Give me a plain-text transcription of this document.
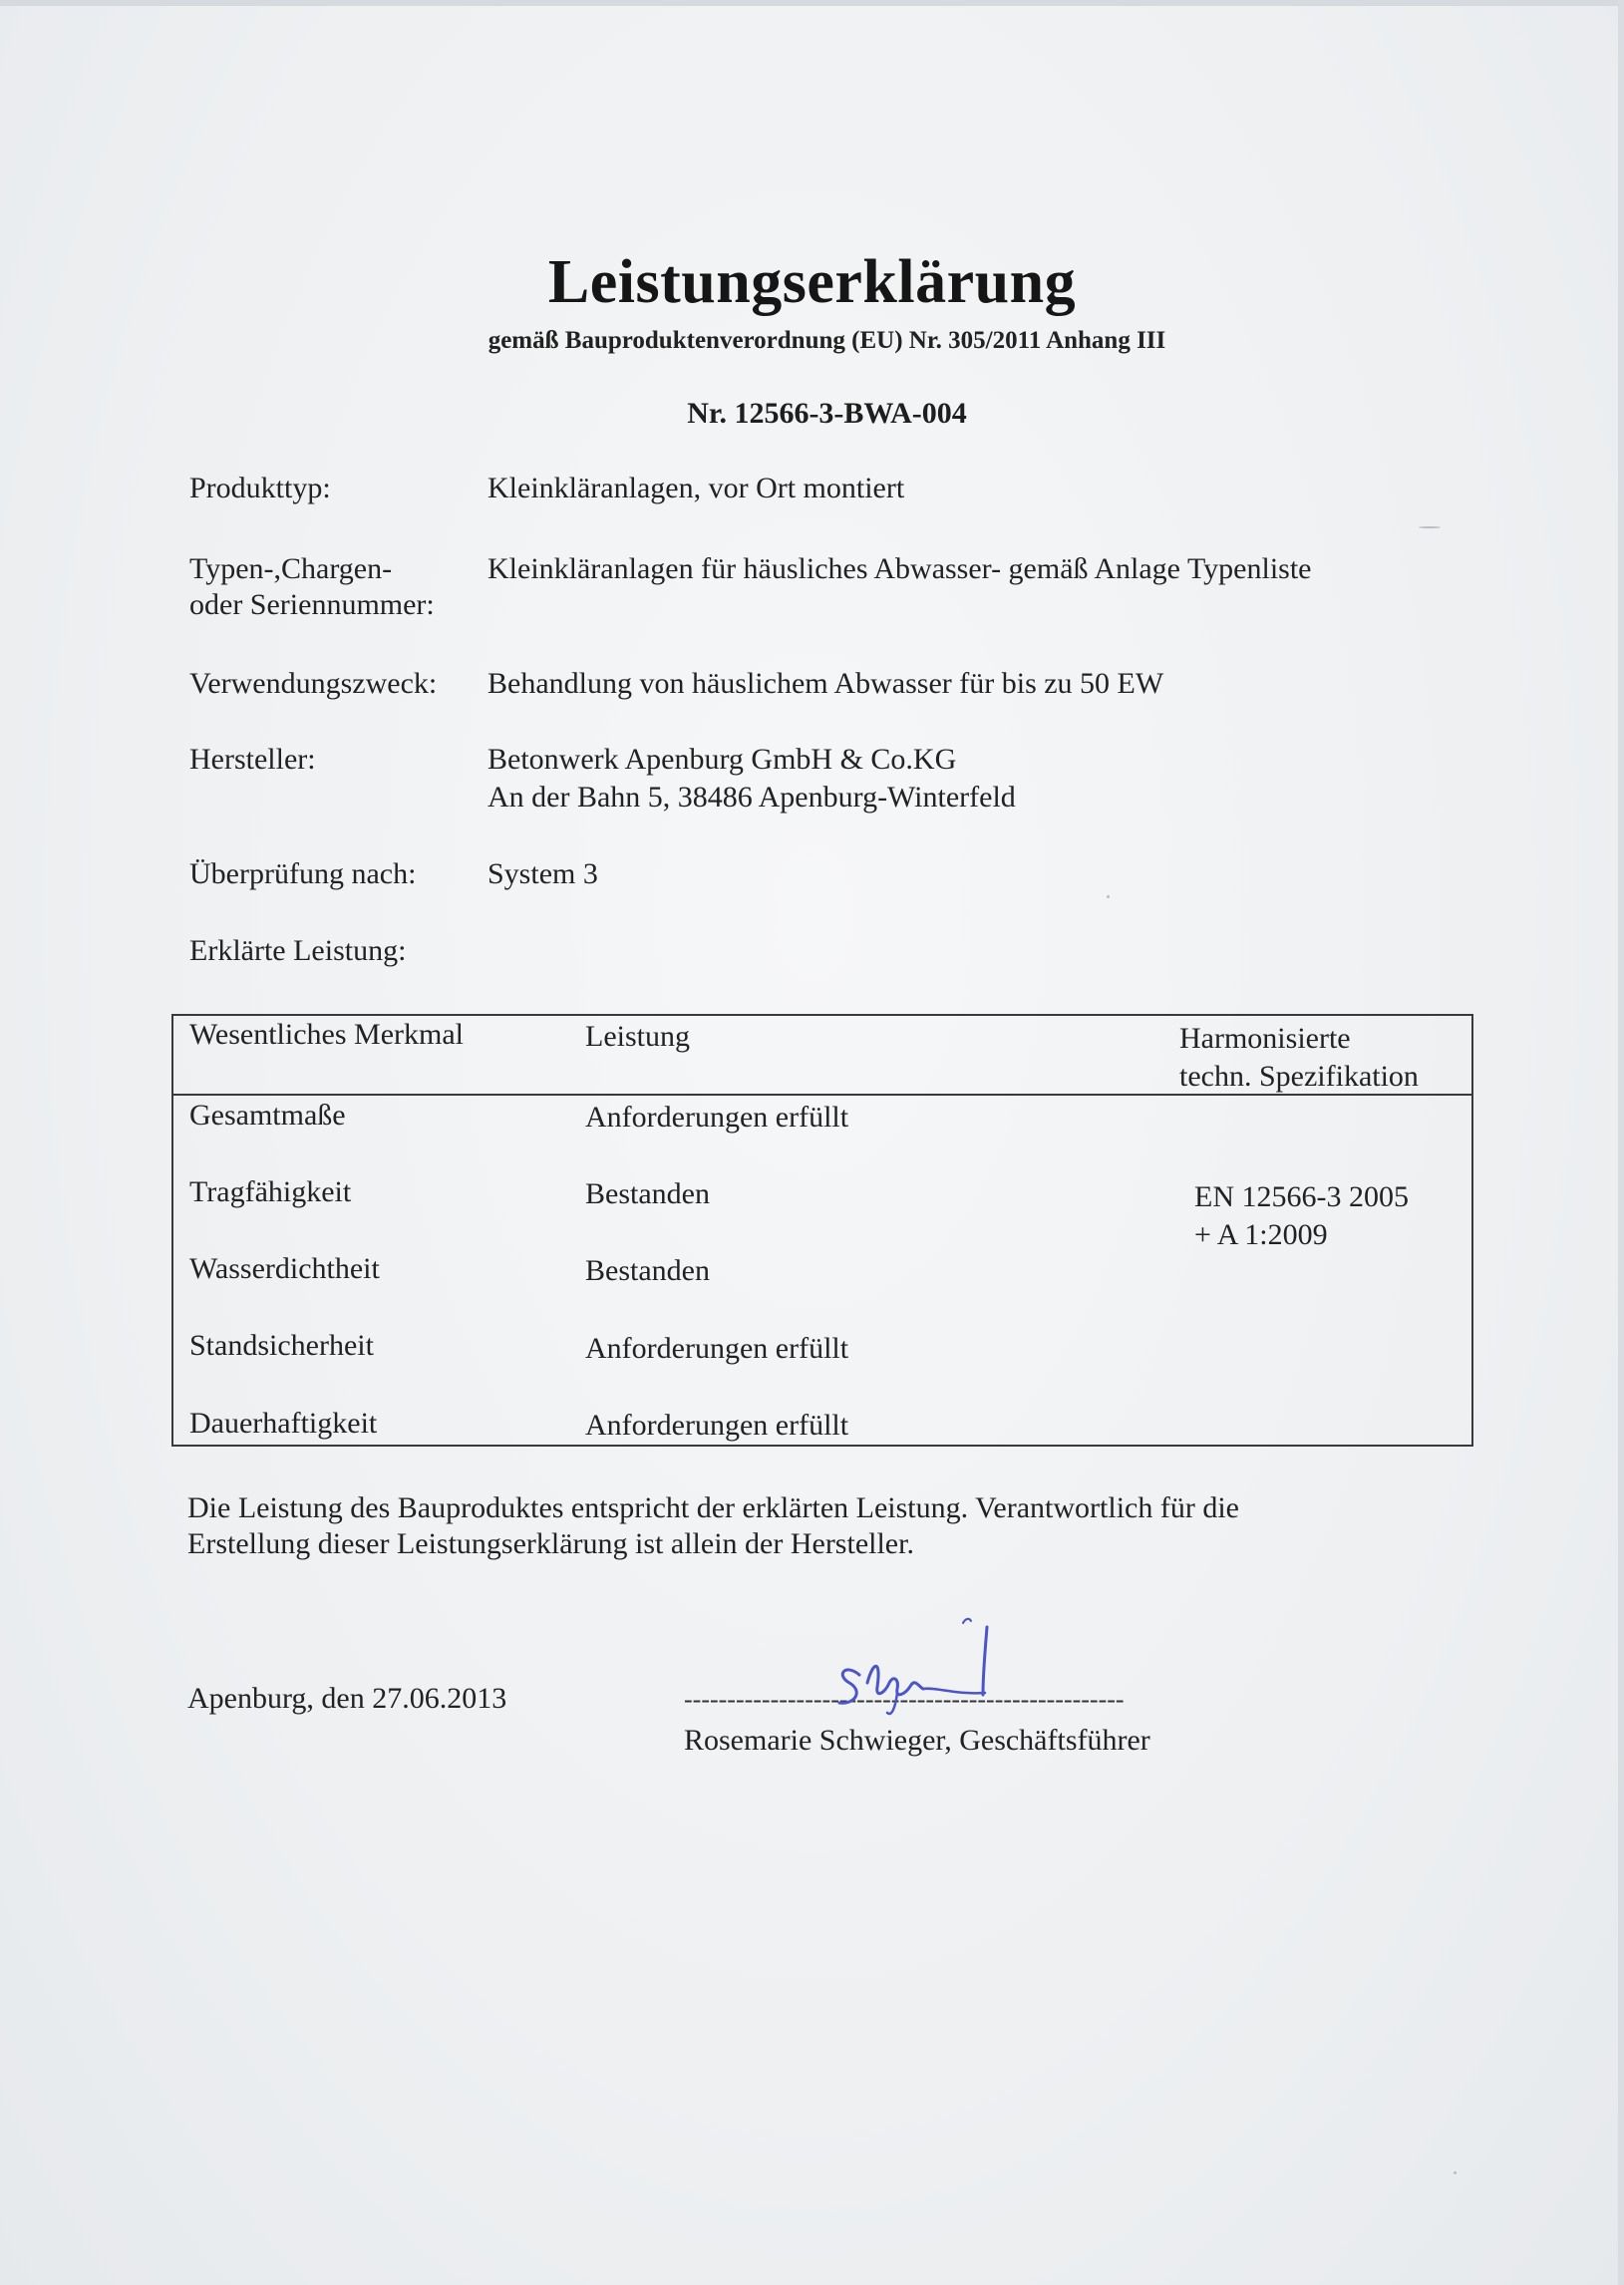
Leistungserklärung
gemäß Bauproduktenverordnung (EU) Nr. 305/2011 Anhang III
Nr. 12566-3-BWA-004
Produkttyp:	Kleinkläranlagen, vor Ort montiert
Typen-,Chargen-
oder Seriennummer:
Kleinkläranlagen für häusliches Abwasser- gemäß Anlage Typenliste
Verwendungszweck: Behandlung von häuslichem Abwasser für bis zu 50 EW
Hersteller:	Betonwerk Apenburg GmbH & Co.KG
An der Bahn 5, 38486 Apenburg-Winterfeld
Überprüfung nach: System 3
Erklärte Leistung:
Wesentliches Merkmal	Leistung	Harmonisierte
techn. Spezifikation
Gesamtmaße	Anforderungen erfüllt
Tragfähigkeit	Bestanden
Wasserdichtheit	Bestanden
Standsicherheit	Anforderungen erfüllt
Dauerhaftigkeit	Anforderungen erfüllt
EN 12566-3 2005
+ A 1:2009
Die Leistung des Bauproduktes entspricht der erklärten Leistung. Verantwortlich für die
Erstellung dieser Leistungserklärung ist allein der Hersteller.
Apenburg, den 27.06.2013	---------------------------------------------------
Rosemarie Schwieger, Geschäftsführer
